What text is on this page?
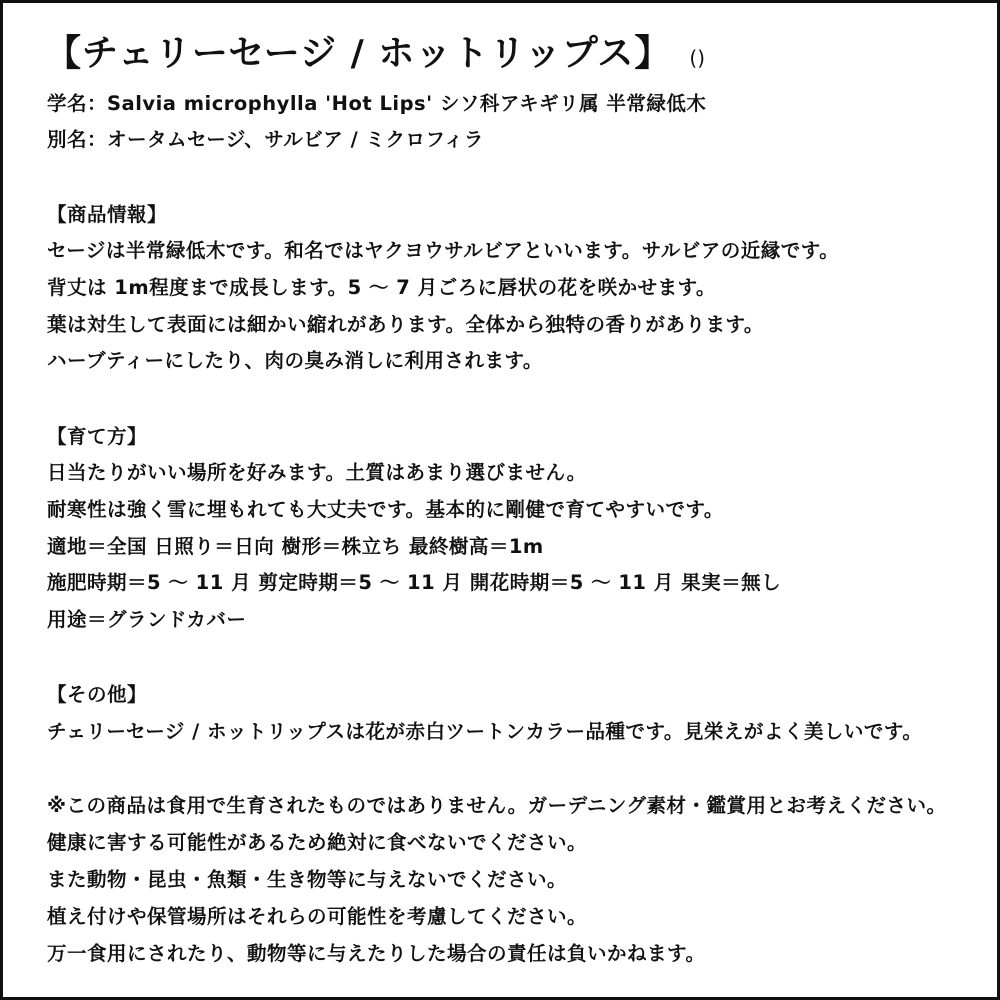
【チェリーセージ / ホットリップス】 ()
学名：Salvia microphylla 'Hot Lips' シソ科アキギリ属 半常緑低木
別名：オータムセージ、サルビア / ミクロフィラ
【商品情報】
セージは半常緑低木です。和名ではヤクヨウサルビアといいます。サルビアの近縁です。
背丈は 1m程度まで成長します。5 〜 7 月ごろに唇状の花を咲かせます。
葉は対生して表面には細かい縮れがあります。全体から独特の香りがあります。
ハーブティーにしたり、肉の臭み消しに利用されます。
【育て方】
日当たりがいい場所を好みます。土質はあまり選びません。
耐寒性は強く雪に埋もれても大丈夫です。基本的に剛健で育てやすいです。
適地＝全国 日照り＝日向 樹形＝株立ち 最終樹高＝1m
施肥時期＝5 〜 11 月 剪定時期＝5 〜 11 月 開花時期＝5 〜 11 月 果実＝無し
用途＝グランドカバー
【その他】
チェリーセージ / ホットリップスは花が赤白ツートンカラー品種です。見栄えがよく美しいです。
※この商品は食用で生育されたものではありません。ガーデニング素材・鑑賞用とお考えください。
健康に害する可能性があるため絶対に食べないでください。
また動物・昆虫・魚類・生き物等に与えないでください。
植え付けや保管場所はそれらの可能性を考慮してください。
万一食用にされたり、動物等に与えたりした場合の責任は負いかねます。
